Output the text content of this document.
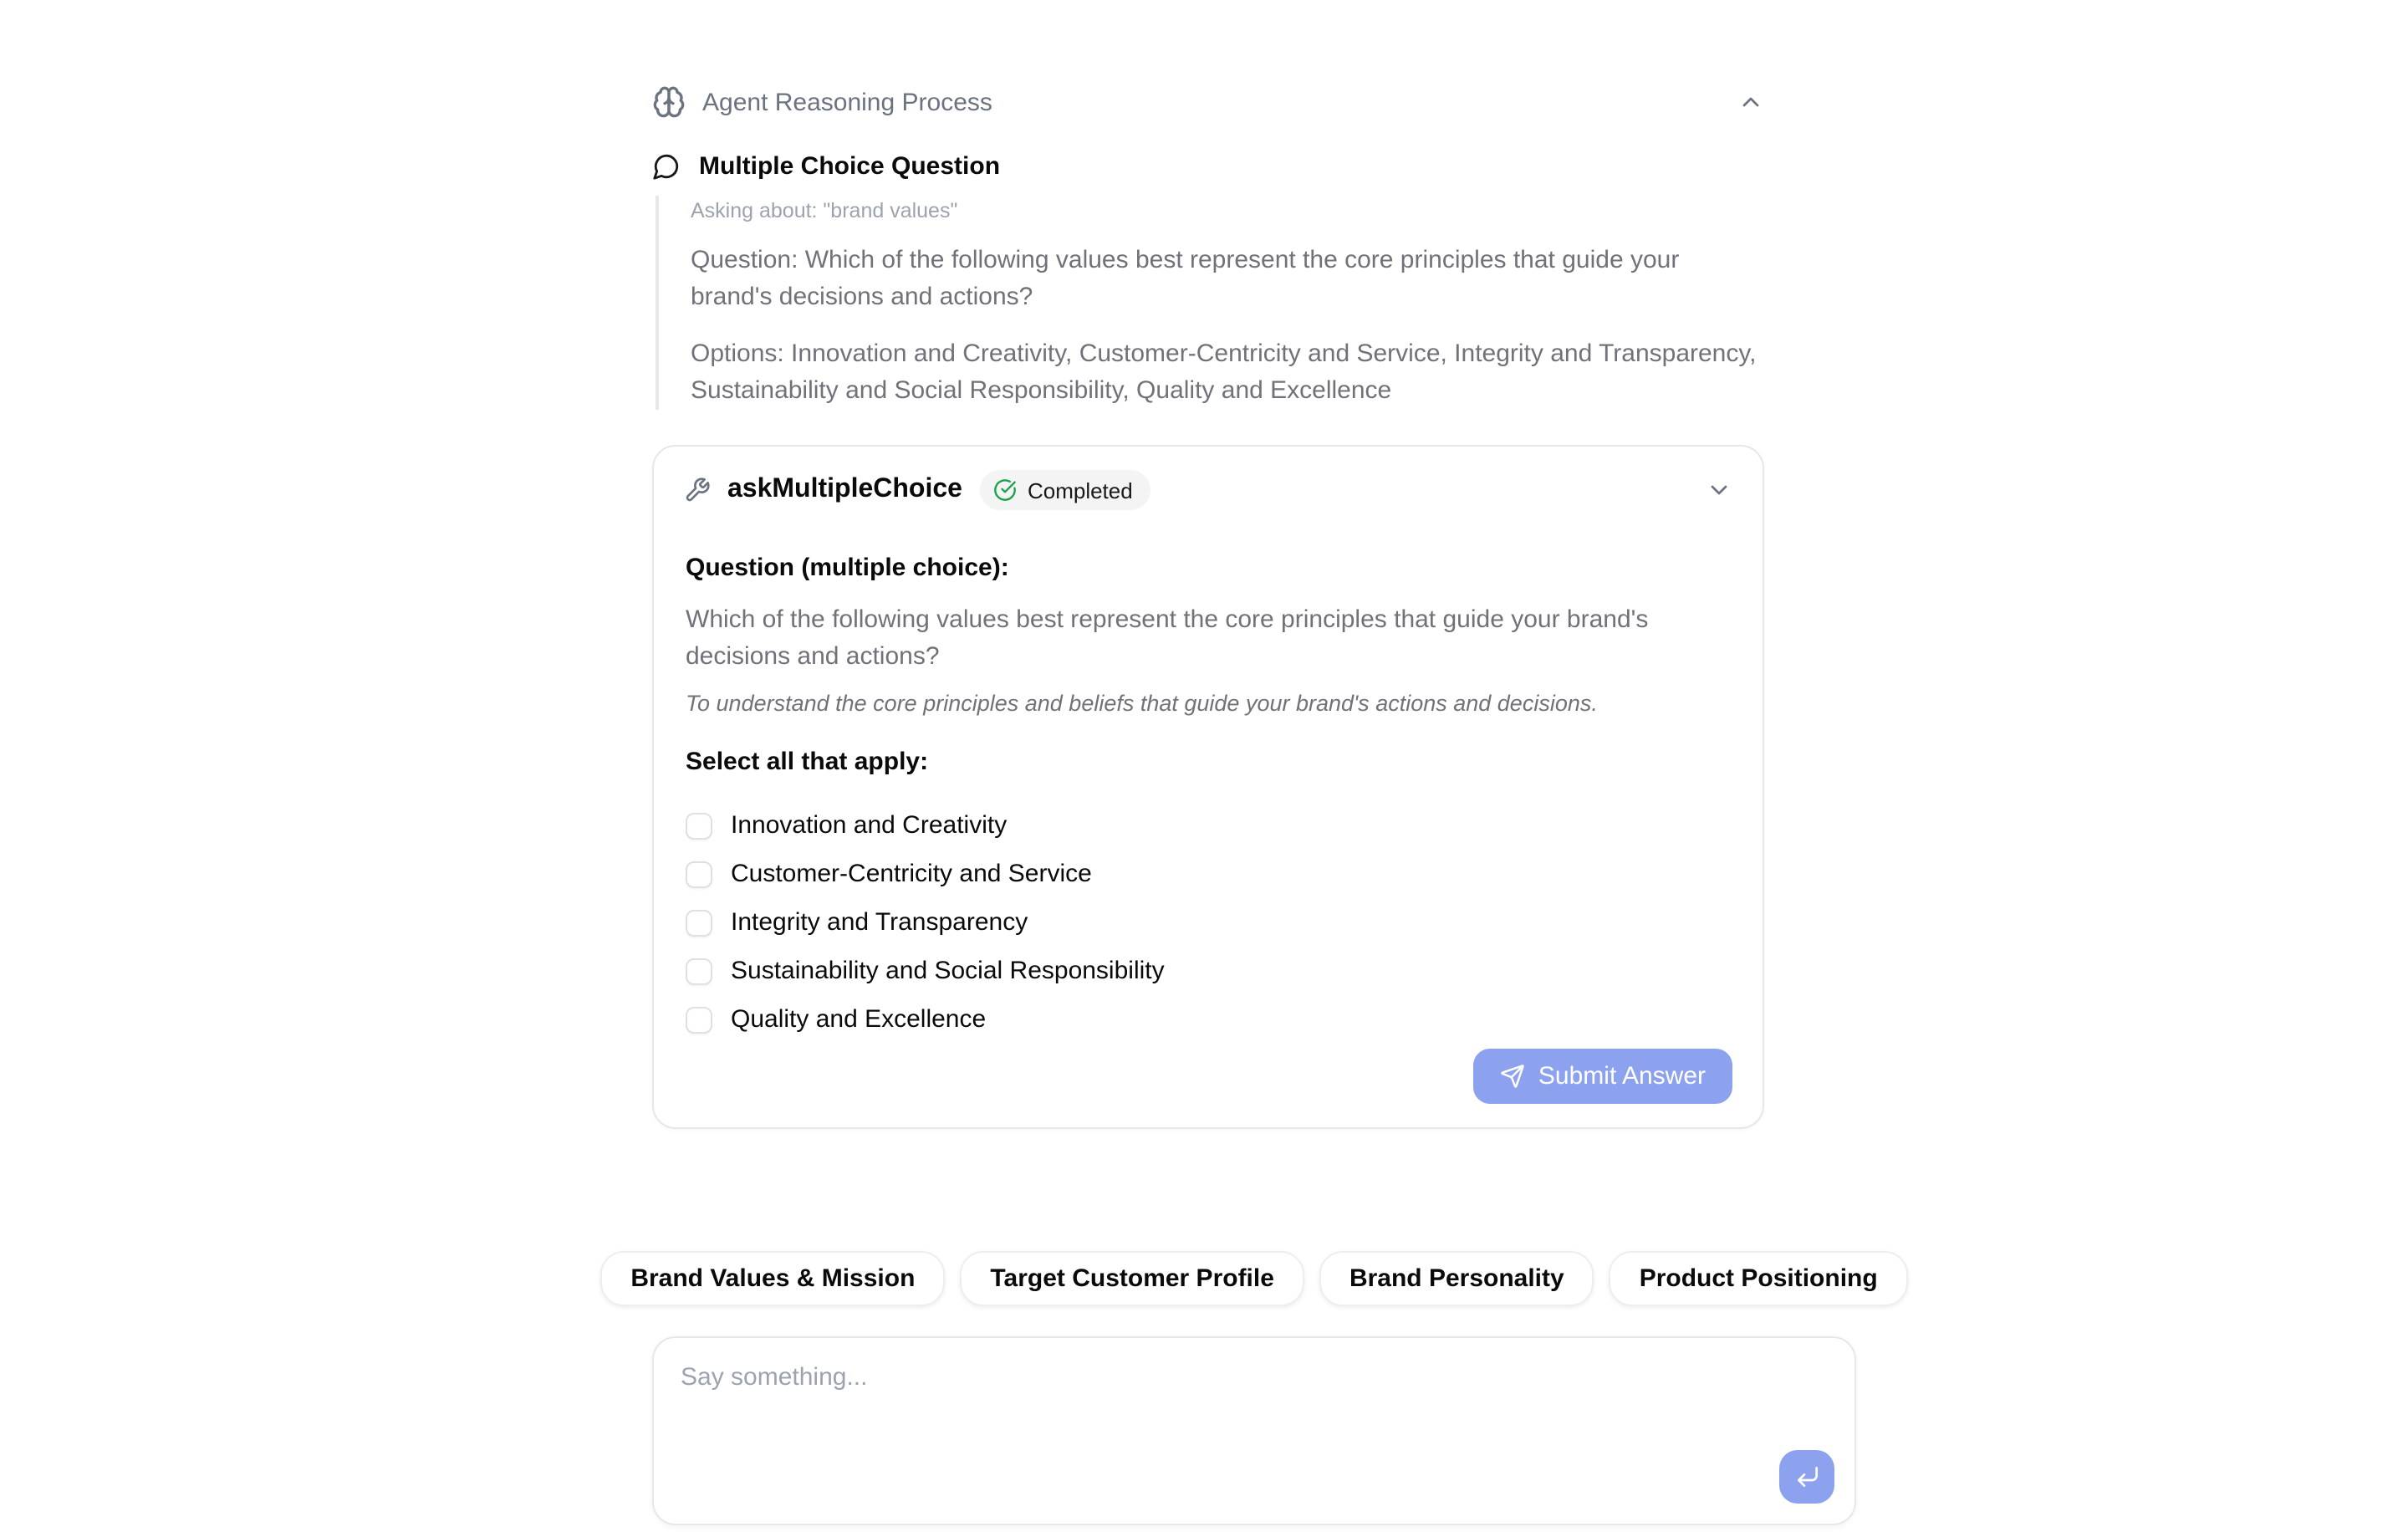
Agent Reasoning Process
Multiple Choice Question

Asking about: "brand values"

Question: Which of the following values best represent the core principles that guide your brand's decisions and actions?

Options: Innovation and Creativity, Customer-Centricity and Service, Integrity and Transparency, Sustainability and Social Responsibility, Quality and Excellence

askMultipleChoice	Completed
Question (multiple choice):
Which of the following values best represent the core principles that guide your brand's decisions and actions?
To understand the core principles and beliefs that guide your brand's actions and decisions.
Select all that apply:
Innovation and Creativity
Customer-Centricity and Service
Integrity and Transparency
Sustainability and Social Responsibility
Quality and Excellence
Submit Answer
Brand Values & Mission	Target Customer Profile	Brand Personality	Product Positioning
Say something...
